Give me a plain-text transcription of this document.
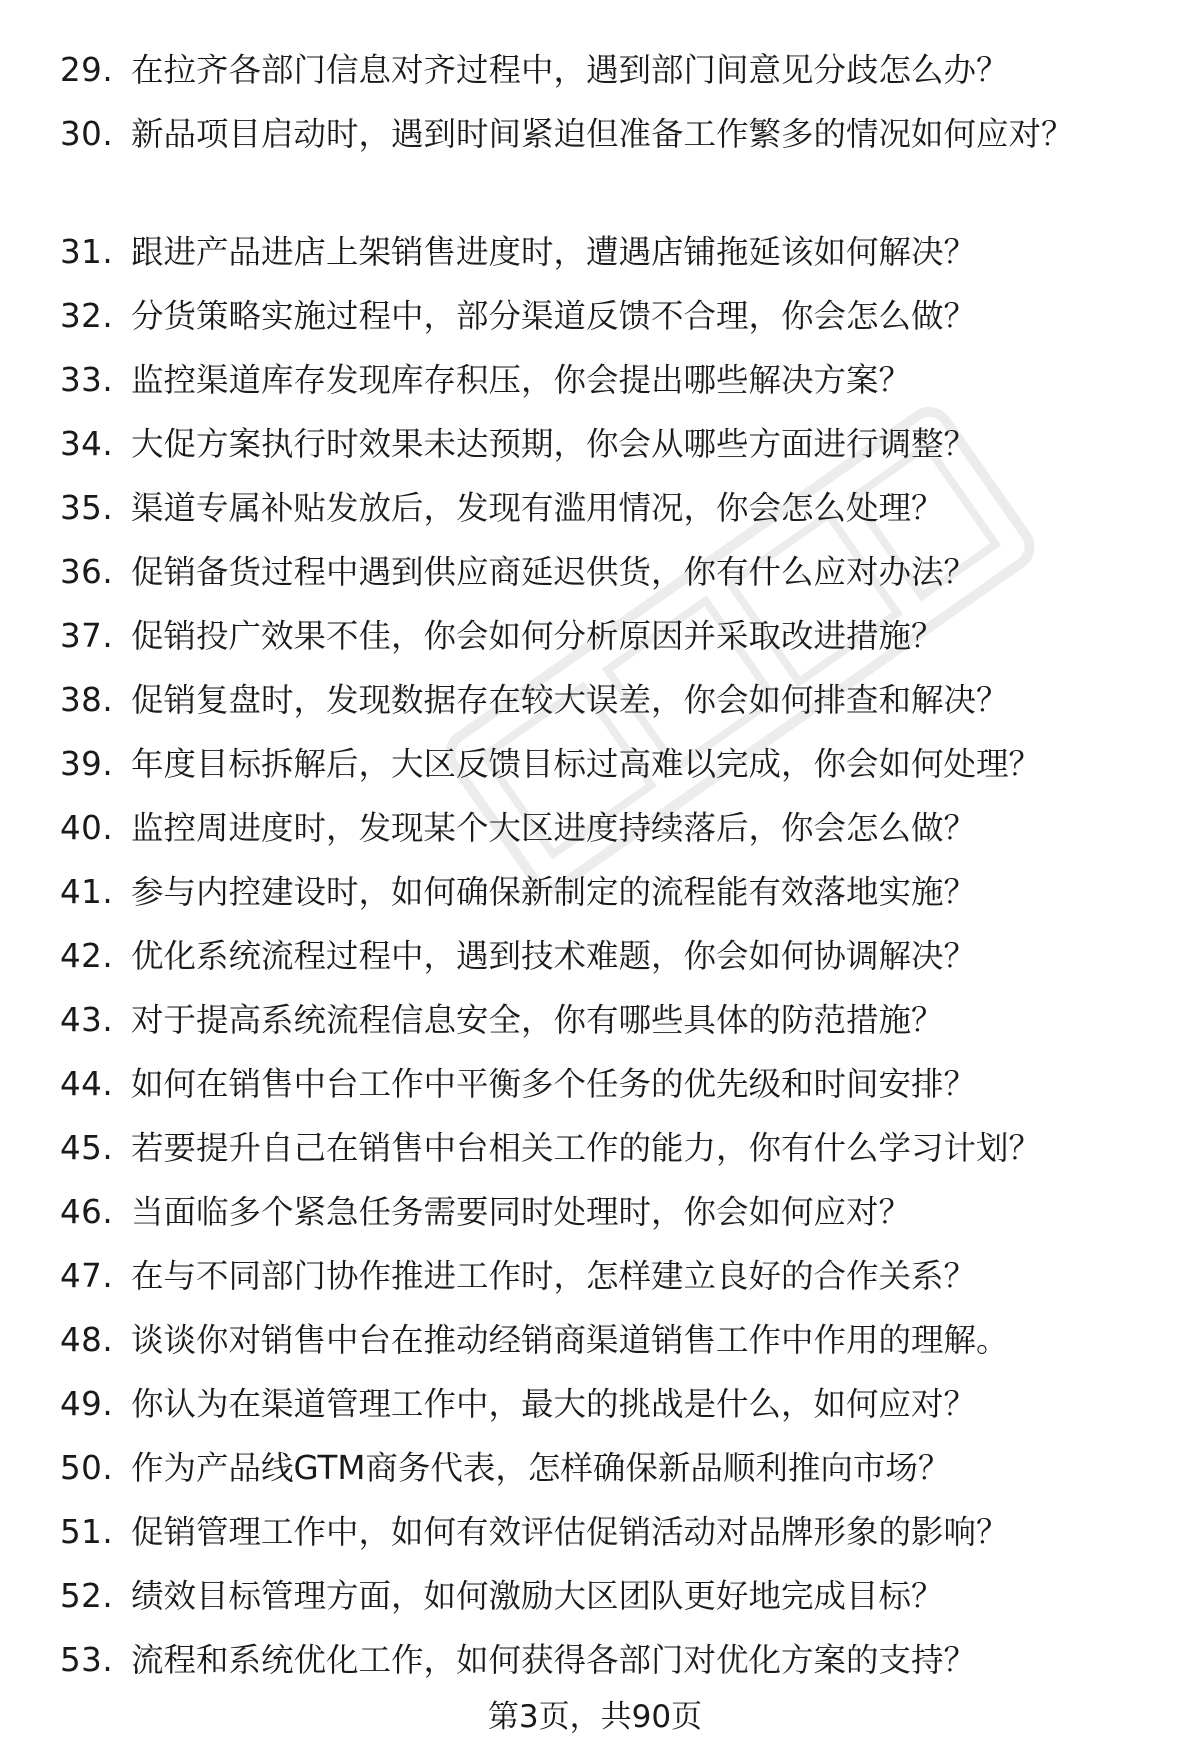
29. 在拉齐各部门信息对齐过程中，遇到部门间意见分歧怎么办？
30. 新品项目启动时，遇到时间紧迫但准备工作繁多的情况如何应对？
31. 跟进产品进店上架销售进度时，遭遇店铺拖延该如何解决？
32. 分货策略实施过程中，部分渠道反馈不合理，你会怎么做？
33. 监控渠道库存发现库存积压，你会提出哪些解决方案？
34. 大促方案执行时效果未达预期，你会从哪些方面进行调整？
35. 渠道专属补贴发放后，发现有滥用情况，你会怎么处理？
36. 促销备货过程中遇到供应商延迟供货，你有什么应对办法？
37. 促销投广效果不佳，你会如何分析原因并采取改进措施？
38. 促销复盘时，发现数据存在较大误差，你会如何排查和解决？
39. 年度目标拆解后，大区反馈目标过高难以完成，你会如何处理？
40. 监控周进度时，发现某个大区进度持续落后，你会怎么做？
41. 参与内控建设时，如何确保新制定的流程能有效落地实施？
42. 优化系统流程过程中，遇到技术难题，你会如何协调解决？
43. 对于提高系统流程信息安全，你有哪些具体的防范措施？
44. 如何在销售中台工作中平衡多个任务的优先级和时间安排？
45. 若要提升自己在销售中台相关工作的能力，你有什么学习计划？
46. 当面临多个紧急任务需要同时处理时，你会如何应对？
47. 在与不同部门协作推进工作时，怎样建立良好的合作关系？
48. 谈谈你对销售中台在推动经销商渠道销售工作中作用的理解。
49. 你认为在渠道管理工作中，最大的挑战是什么，如何应对？
50. 作为产品线GTM商务代表，怎样确保新品顺利推向市场？
51. 促销管理工作中，如何有效评估促销活动对品牌形象的影响？
52. 绩效目标管理方面，如何激励大区团队更好地完成目标？
53. 流程和系统优化工作，如何获得各部门对优化方案的支持？
第3页，共90页
